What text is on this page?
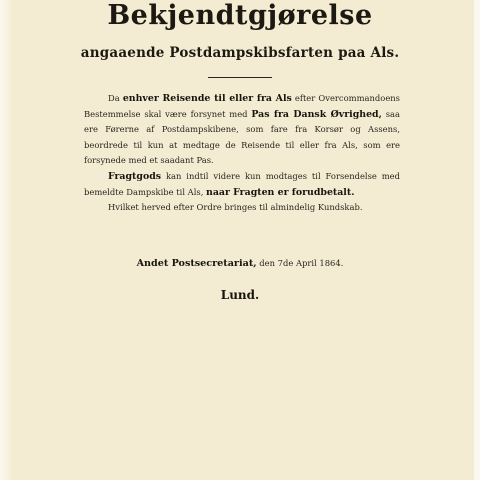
Bekjendtgjørelse
angaaende Postdampskibsfarten paa Als.

Da enhver Reisende til eller fra Als efter Overcommandoens Bestemmelse skal være forsynet med Pas fra Dansk Øvrighed, saa ere Førerne af Postdampskibene, som fare fra Korsør og Assens, beordrede til kun at medtage de Reisende til eller fra Als, som ere forsynede med et saadant Pas.

Fragtgods kan indtil videre kun modtages til Forsendelse med bemeldte Dampskibe til Als, naar Fragten er forudbetalt.

Hvilket herved efter Ordre bringes til almindelig Kundskab.

Andet Postsecretariat, den 7de April 1864.
Lund.
